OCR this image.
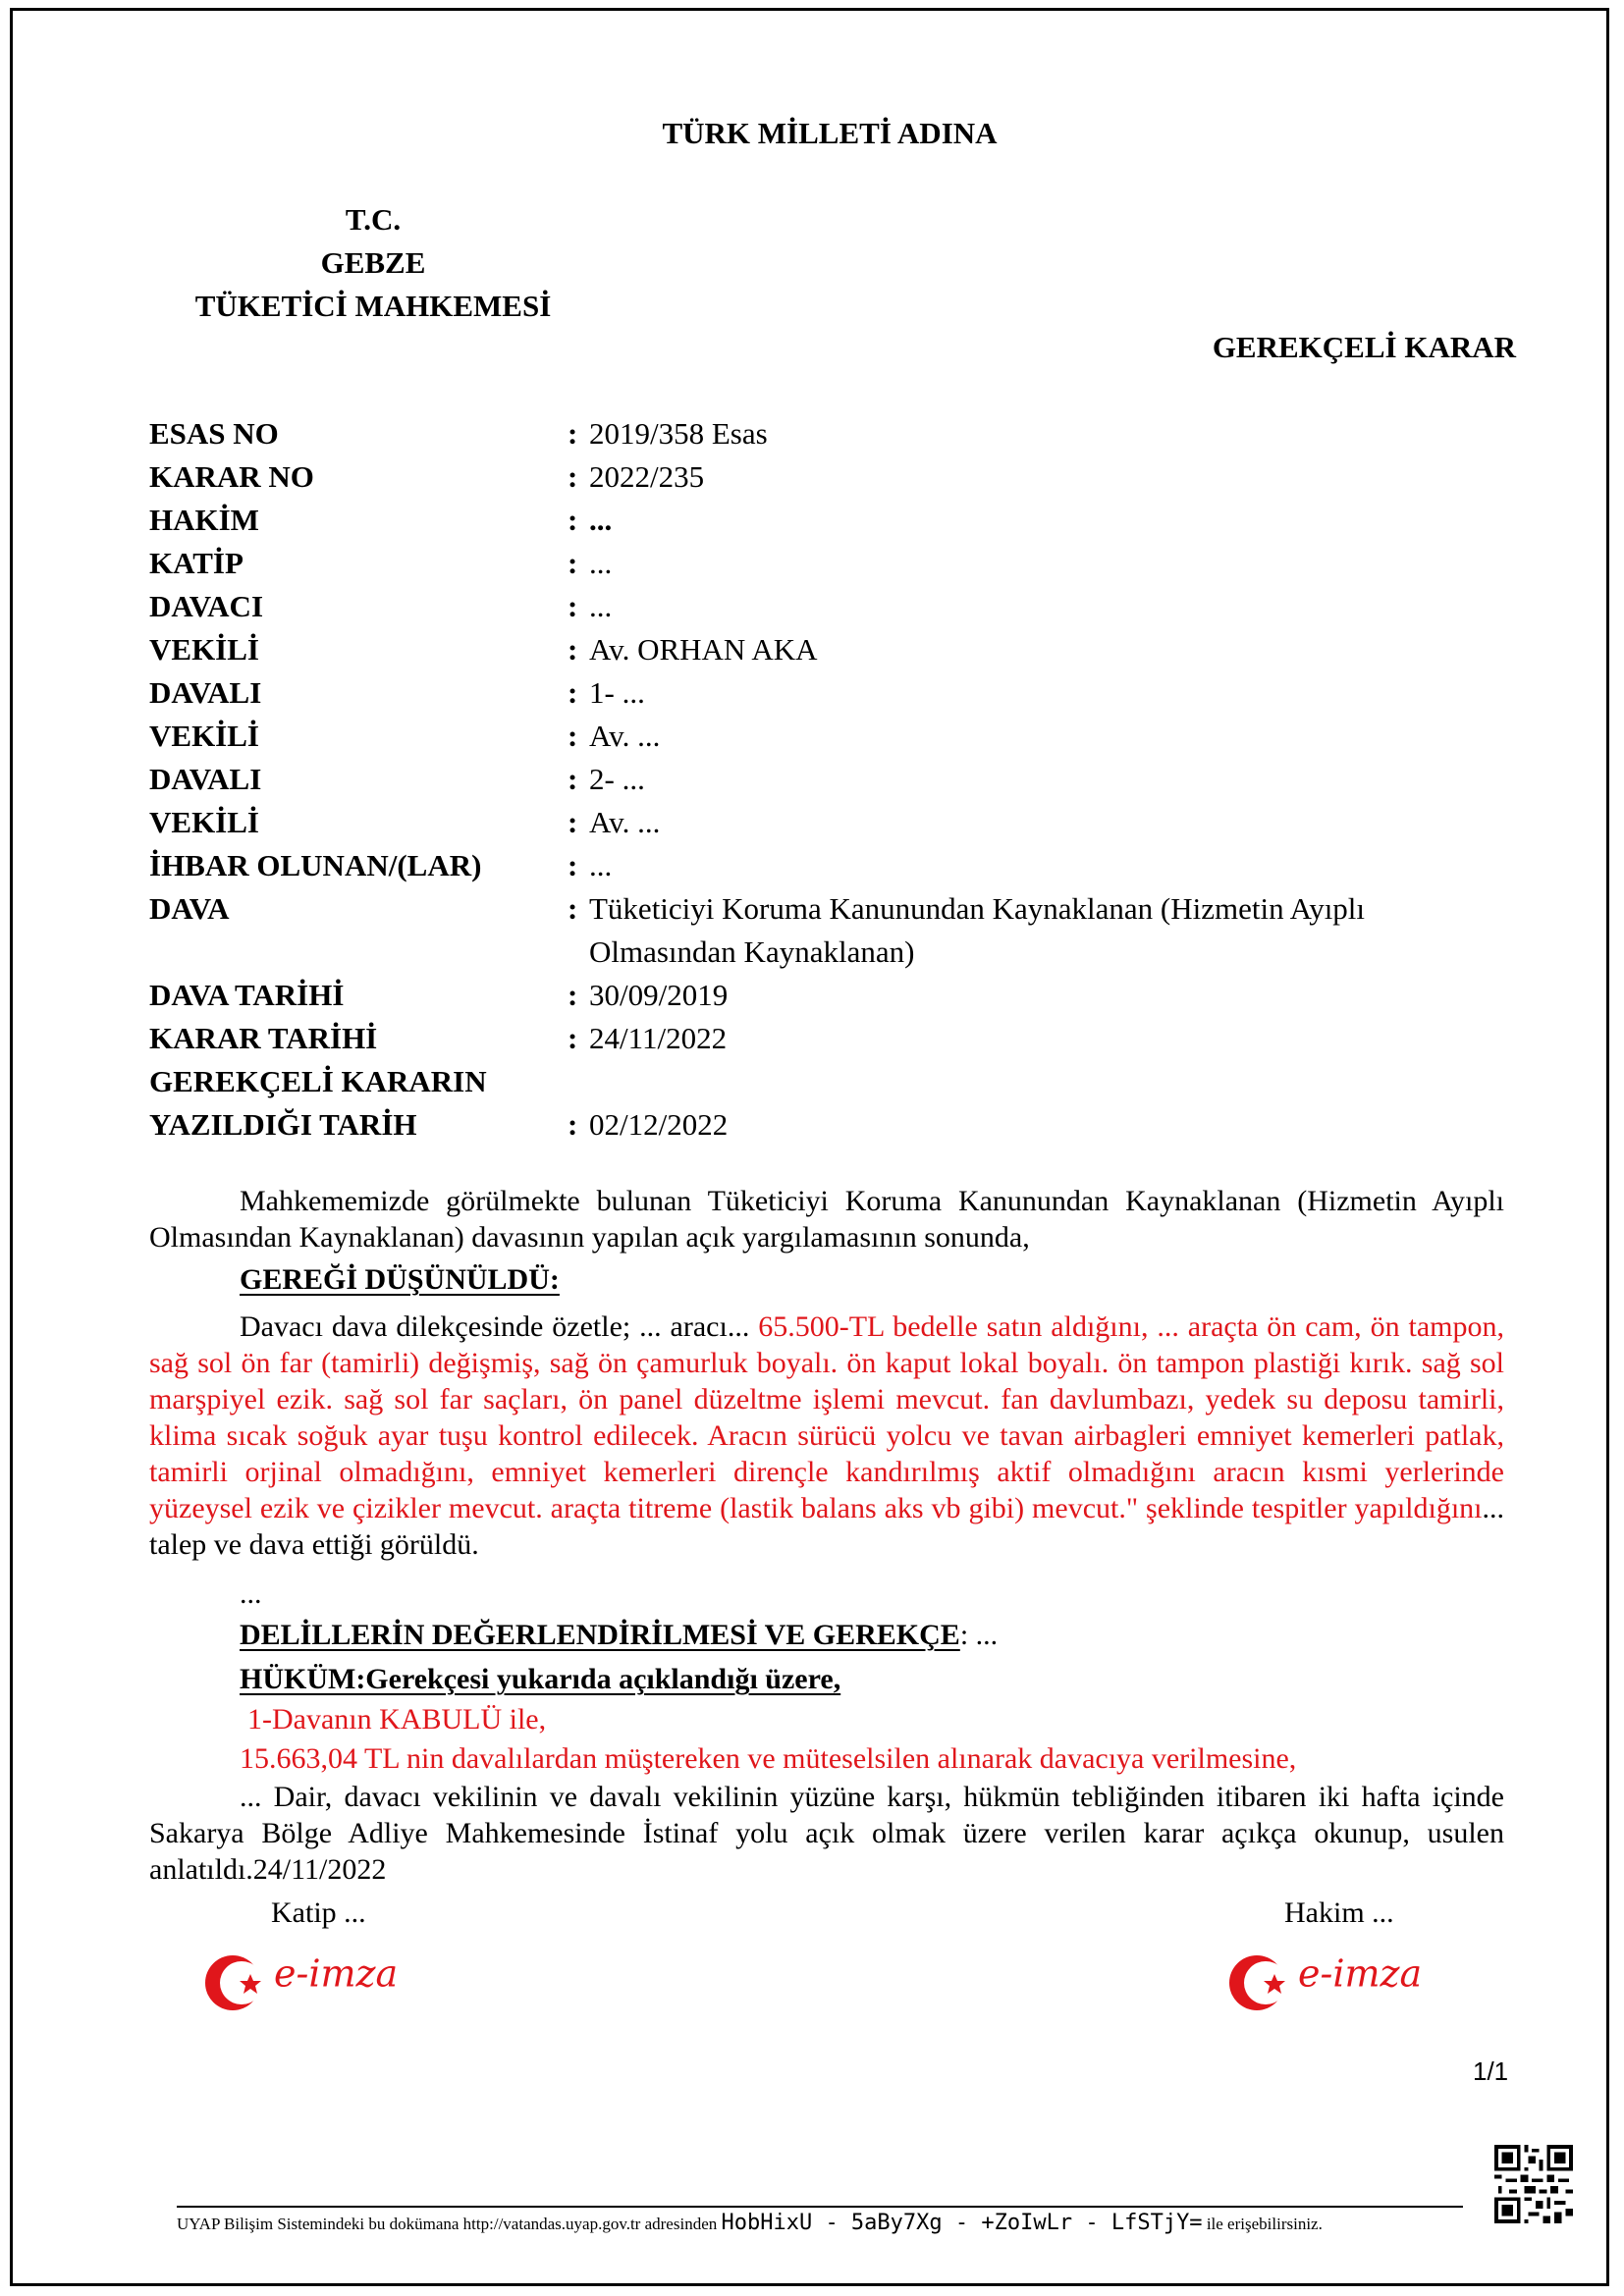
TÜRK MİLLETİ ADINA
T.C.
GEBZE
TÜKETİCİ MAHKEMESİ
GEREKÇELİ KARAR
ESAS NO	: 2019/358 Esas
KARAR NO	: 2022/235
HAKİM	: ...
KATİP	: ...
DAVACI	: ...
VEKİLİ	: Av. ORHAN AKA
DAVALI	: 1- ...
VEKİLİ	: Av. ...
DAVALI	: 2- ...
VEKİLİ	: Av. ...
İHBAR OLUNAN/(LAR)	: ...
DAVA	: Tüketiciyi Koruma Kanunundan Kaynaklanan (Hizmetin Ayıplı
Olmasından Kaynaklanan)
DAVA TARİHİ	: 30/09/2019
KARAR TARİHİ	: 24/11/2022
GEREKÇELİ KARARIN

YAZILDIĞI TARİH	: 02/12/2022
Mahkememizde görülmekte bulunan Tüketiciyi Koruma Kanunundan Kaynaklanan (Hizmetin Ayıplı Olmasından Kaynaklanan) davasının yapılan açık yargılamasının sonunda,
GEREĞİ DÜŞÜNÜLDÜ:
Davacı dava dilekçesinde özetle; ... aracı... 65.500-TL bedelle satın aldığını, ... araçta ön cam, ön tampon, sağ sol ön far (tamirli) değişmiş, sağ ön çamurluk boyalı. ön kaput lokal boyalı. ön tampon plastiği kırık. sağ sol marşpiyel ezik. sağ sol far saçları, ön panel düzeltme işlemi mevcut. fan davlumbazı, yedek su deposu tamirli, klima sıcak soğuk ayar tuşu kontrol edilecek. Aracın sürücü yolcu ve tavan airbagleri emniyet kemerleri patlak, tamirli orjinal olmadığını, emniyet kemerleri dirençle kandırılmış aktif olmadığını aracın kısmi yerlerinde yüzeysel ezik ve çizikler mevcut. araçta titreme (lastik balans aks vb gibi) mevcut." şeklinde tespitler yapıldığını... talep ve dava ettiği görüldü.
...
DELİLLERİN DEĞERLENDİRİLMESİ VE GEREKÇE: ...
HÜKÜM:Gerekçesi yukarıda açıklandığı üzere,
1-Davanın KABULÜ ile,
15.663,04 TL nin davalılardan müştereken ve müteselsilen alınarak davacıya verilmesine,
... Dair, davacı vekilinin ve davalı vekilinin yüzüne karşı, hükmün tebliğinden itibaren iki hafta içinde Sakarya Bölge Adliye Mahkemesinde İstinaf yolu açık olmak üzere verilen karar açıkça okunup, usulen anlatıldı.24/11/2022
Katip ...	Hakim ...
e-imza	e-imza
1/1
UYAP Bilişim Sistemindeki bu dokümana http://vatandas.uyap.gov.tr adresinden HobHixU - 5aBy7Xg - +ZoIwLr - LfSTjY= ile erişebilirsiniz.
